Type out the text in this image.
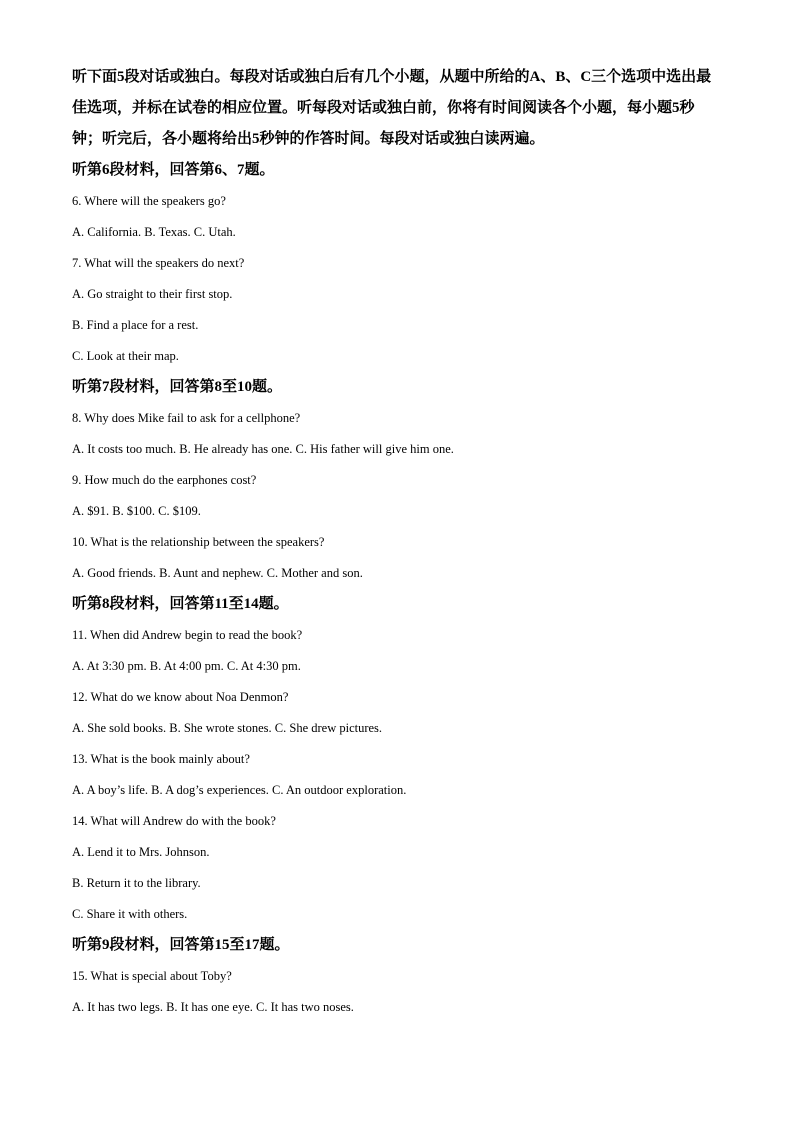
听下面5段对话或独白。每段对话或独白后有几个小题，从题中所给的A、B、C三个选项中选出最佳选项，并标在试卷的相应位置。听每段对话或独白前，你将有时间阅读各个小题，每小题5秒钟；听完后，各小题将给出5秒钟的作答时间。每段对话或独白读两遍。

听第6段材料，回答第6、7题。

6. Where will the speakers go?

A. California. B. Texas. C. Utah.

7. What will the speakers do next?

A. Go straight to their first stop.

B. Find a place for a rest.

C. Look at their map.

听第7段材料，回答第8至10题。

8. Why does Mike fail to ask for a cellphone?

A. It costs too much. B. He already has one. C. His father will give him one.

9. How much do the earphones cost?

A. $91. B. $100. C. $109.

10. What is the relationship between the speakers?

A. Good friends. B. Aunt and nephew. C. Mother and son.

听第8段材料，回答第11至14题。

11. When did Andrew begin to read the book?

A. At 3:30 pm. B. At 4:00 pm. C. At 4:30 pm.

12. What do we know about Noa Denmon?

A. She sold books. B. She wrote stones. C. She drew pictures.

13. What is the book mainly about?

A. A boy’s life. B. A dog’s experiences. C. An outdoor exploration.

14. What will Andrew do with the book?

A. Lend it to Mrs. Johnson.

B. Return it to the library.

C. Share it with others.

听第9段材料，回答第15至17题。

15. What is special about Toby?

A. It has two legs. B. It has one eye. C. It has two noses.
